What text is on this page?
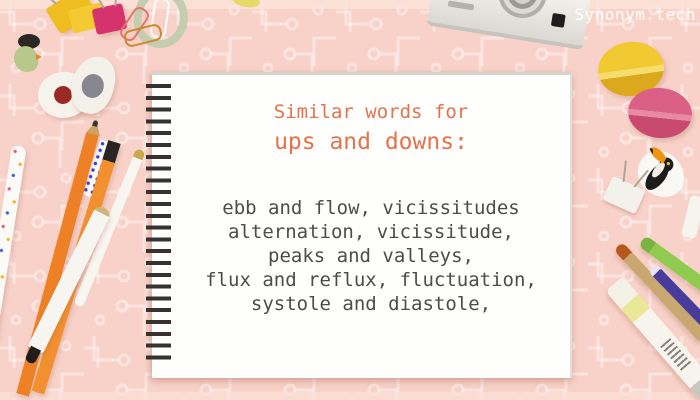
Similar words for
ups and downs:
ebb and flow, vicissitudes
alternation, vicissitude,
peaks and valleys,
flux and reflux, fluctuation,
systole and diastole,
Synonym.tech
